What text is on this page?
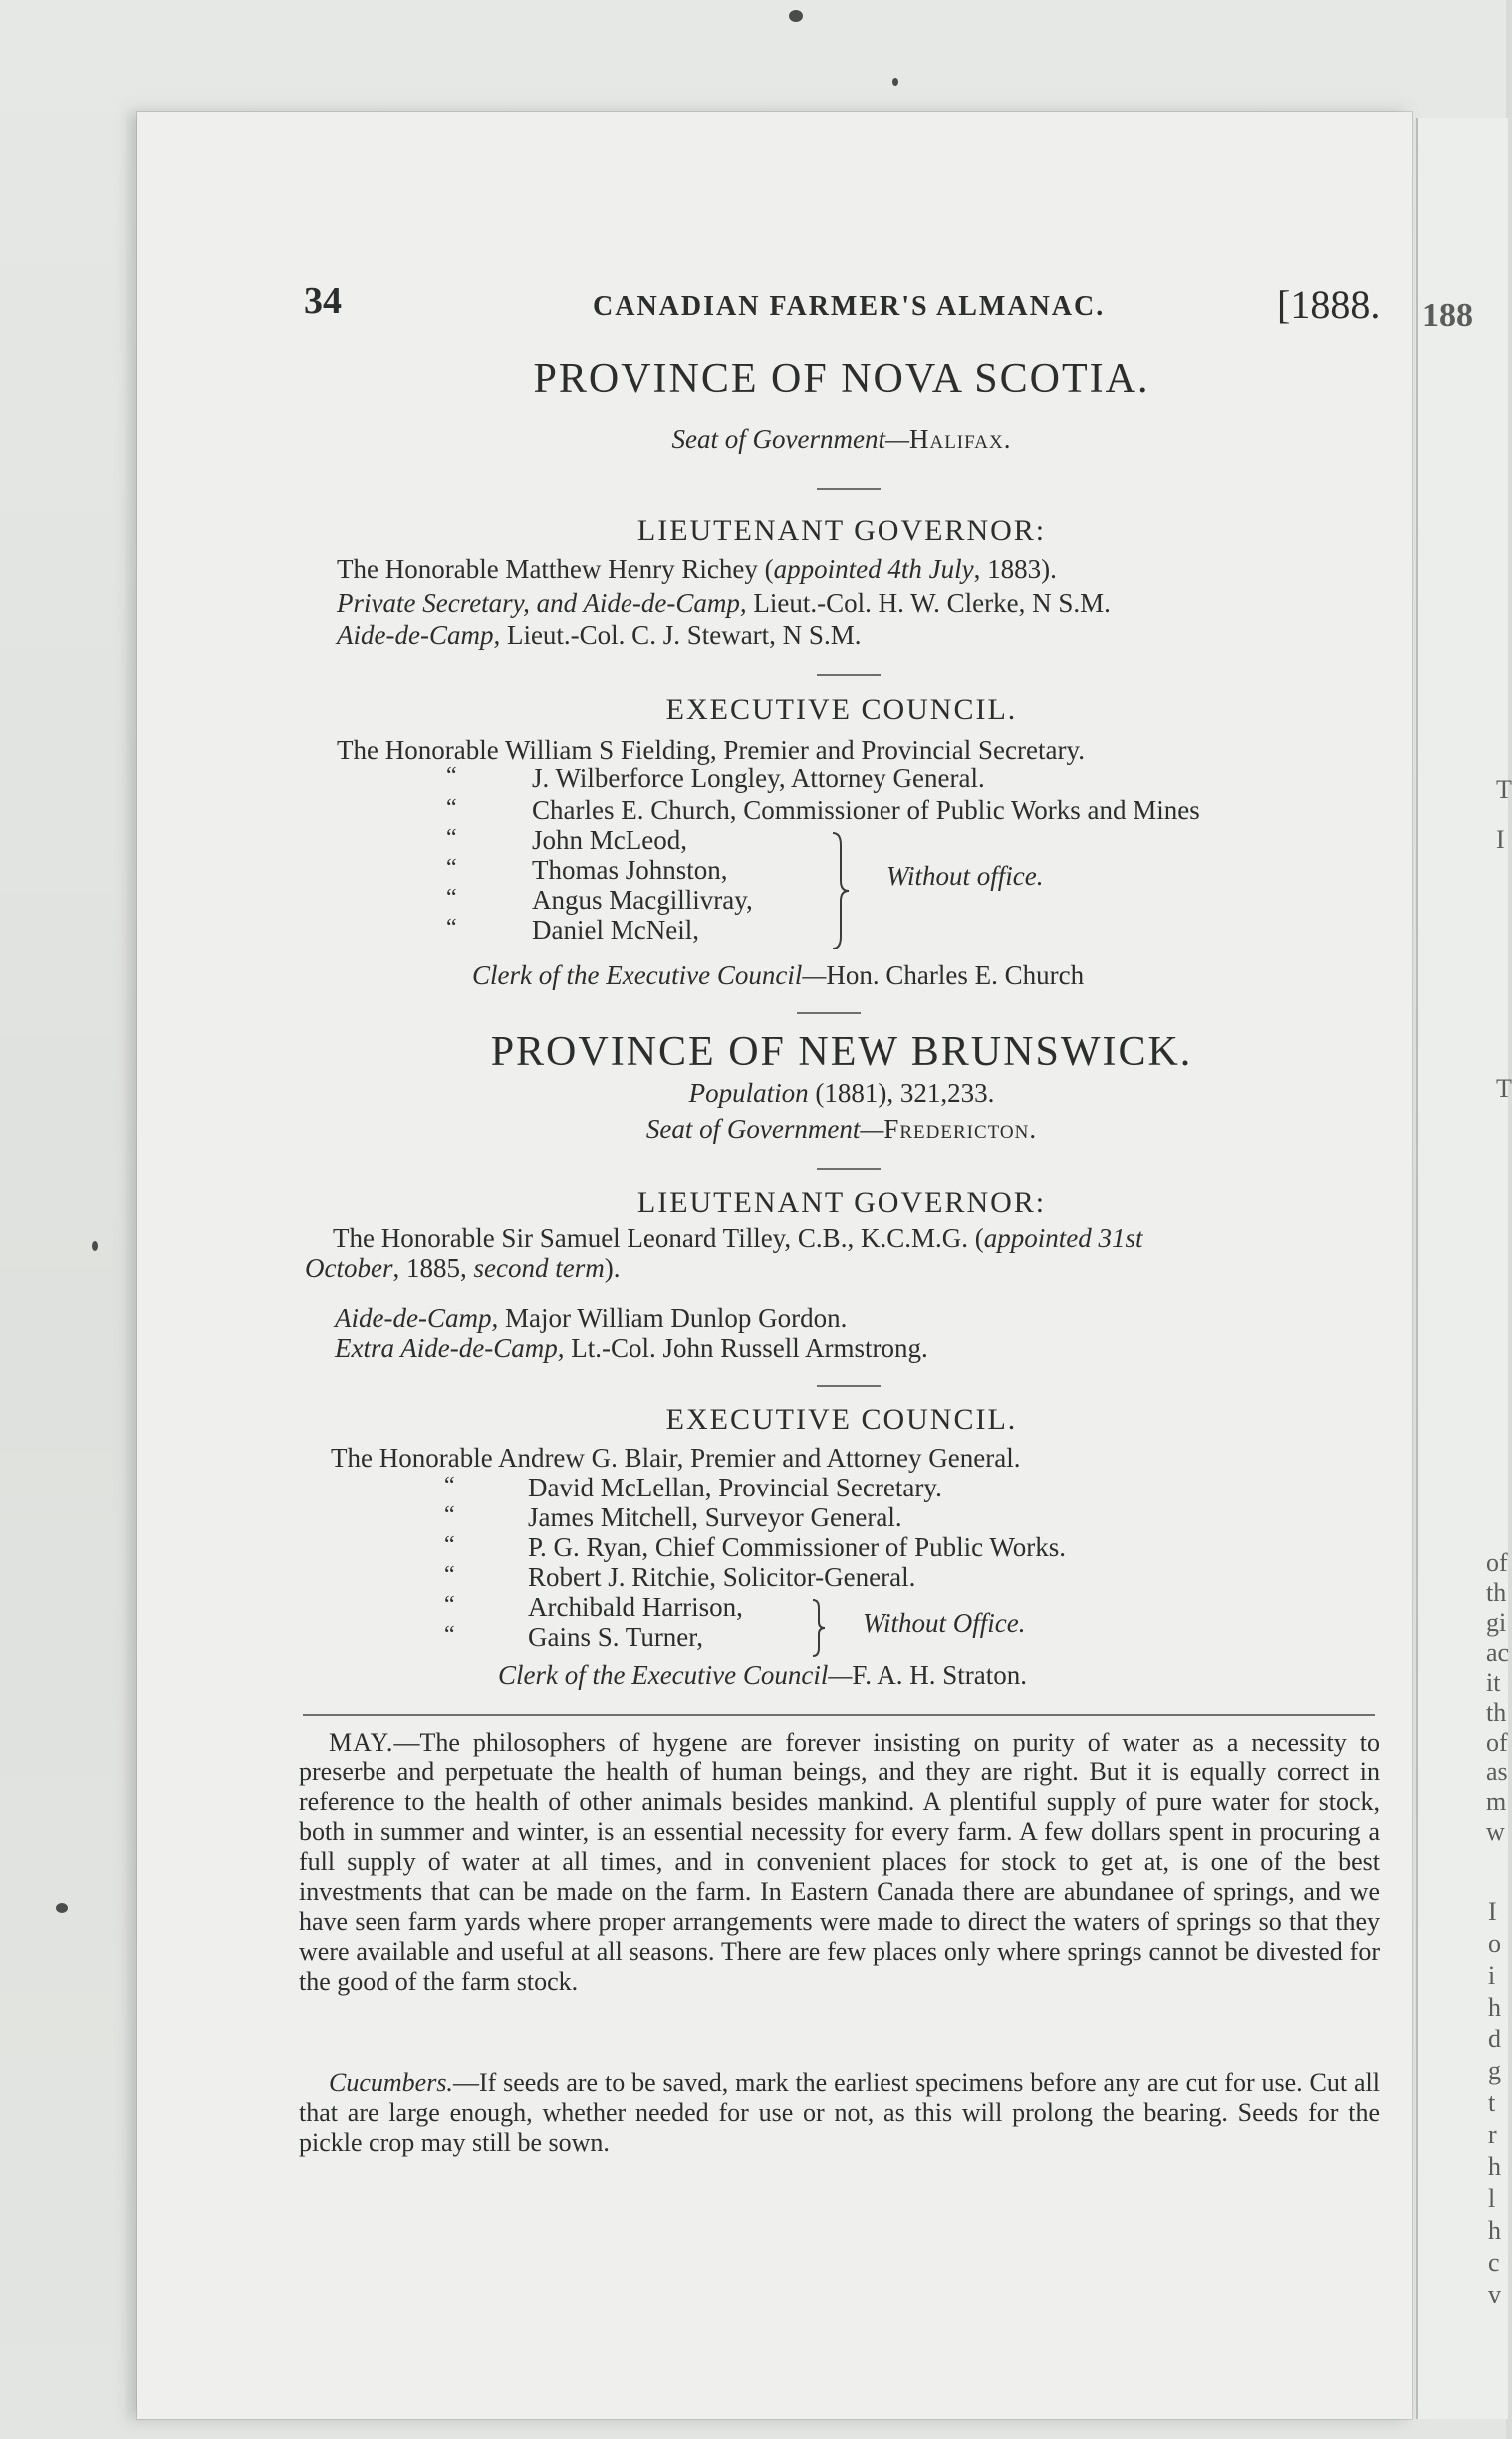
188
T
I
T
of
th
gi
ac
it
th
of
as
m
w
I
o
i
h
d
g
t
r
h
l
h
c
v
34	CANADIAN FARMER'S ALMANAC.	[1888.
PROVINCE OF NOVA SCOTIA.
Seat of Government—Halifax.
LIEUTENANT GOVERNOR:
The Honorable Matthew Henry Richey (appointed 4th July, 1883).
Private Secretary, and Aide-de-Camp, Lieut.-Col. H. W. Clerke, N S.M.
Aide-de-Camp, Lieut.-Col. C. J. Stewart, N S.M.
EXECUTIVE COUNCIL.
The Honorable William S Fielding, Premier and Provincial Secretary.
“	J. Wilberforce Longley, Attorney General.
“	Charles E. Church, Commissioner of Public Works and Mines
“	John McLeod,
“	Thomas Johnston,
“	Angus Macgillivray,
“	Daniel McNeil,
Without office.
Clerk of the Executive Council—Hon. Charles E. Church
PROVINCE OF NEW BRUNSWICK.
Population (1881), 321,233.
Seat of Government—Fredericton.
LIEUTENANT GOVERNOR:
The Honorable Sir Samuel Leonard Tilley, C.B., K.C.M.G. (appointed 31st
October, 1885, second term).
Aide-de-Camp, Major William Dunlop Gordon.
Extra Aide-de-Camp, Lt.-Col. John Russell Armstrong.
EXECUTIVE COUNCIL.
The Honorable Andrew G. Blair, Premier and Attorney General.
“	David McLellan, Provincial Secretary.
“	James Mitchell, Surveyor General.
“	P. G. Ryan, Chief Commissioner of Public Works.
“	Robert J. Ritchie, Solicitor-General.
“	Archibald Harrison,
“	Gains S. Turner,	Without Office.
Clerk of the Executive Council—F. A. H. Straton.
MAY.—The philosophers of hygene are forever insisting on purity of water as a necessity to preserbe and perpetuate the health of human beings, and they are right. But it is equally correct in reference to the health of other animals besides mankind. A plentiful supply of pure water for stock, both in summer and winter, is an essential necessity for every farm. A few dollars spent in procuring a full supply of water at all times, and in convenient places for stock to get at, is one of the best investments that can be made on the farm. In Eastern Canada there are abundanee of springs, and we have seen farm yards where proper arrangements were made to direct the waters of springs so that they were available and useful at all seasons. There are few places only where springs cannot be divested for the good of the farm stock.
Cucumbers.—If seeds are to be saved, mark the earliest specimens before any are cut for use. Cut all that are large enough, whether needed for use or not, as this will prolong the bearing. Seeds for the pickle crop may still be sown.
